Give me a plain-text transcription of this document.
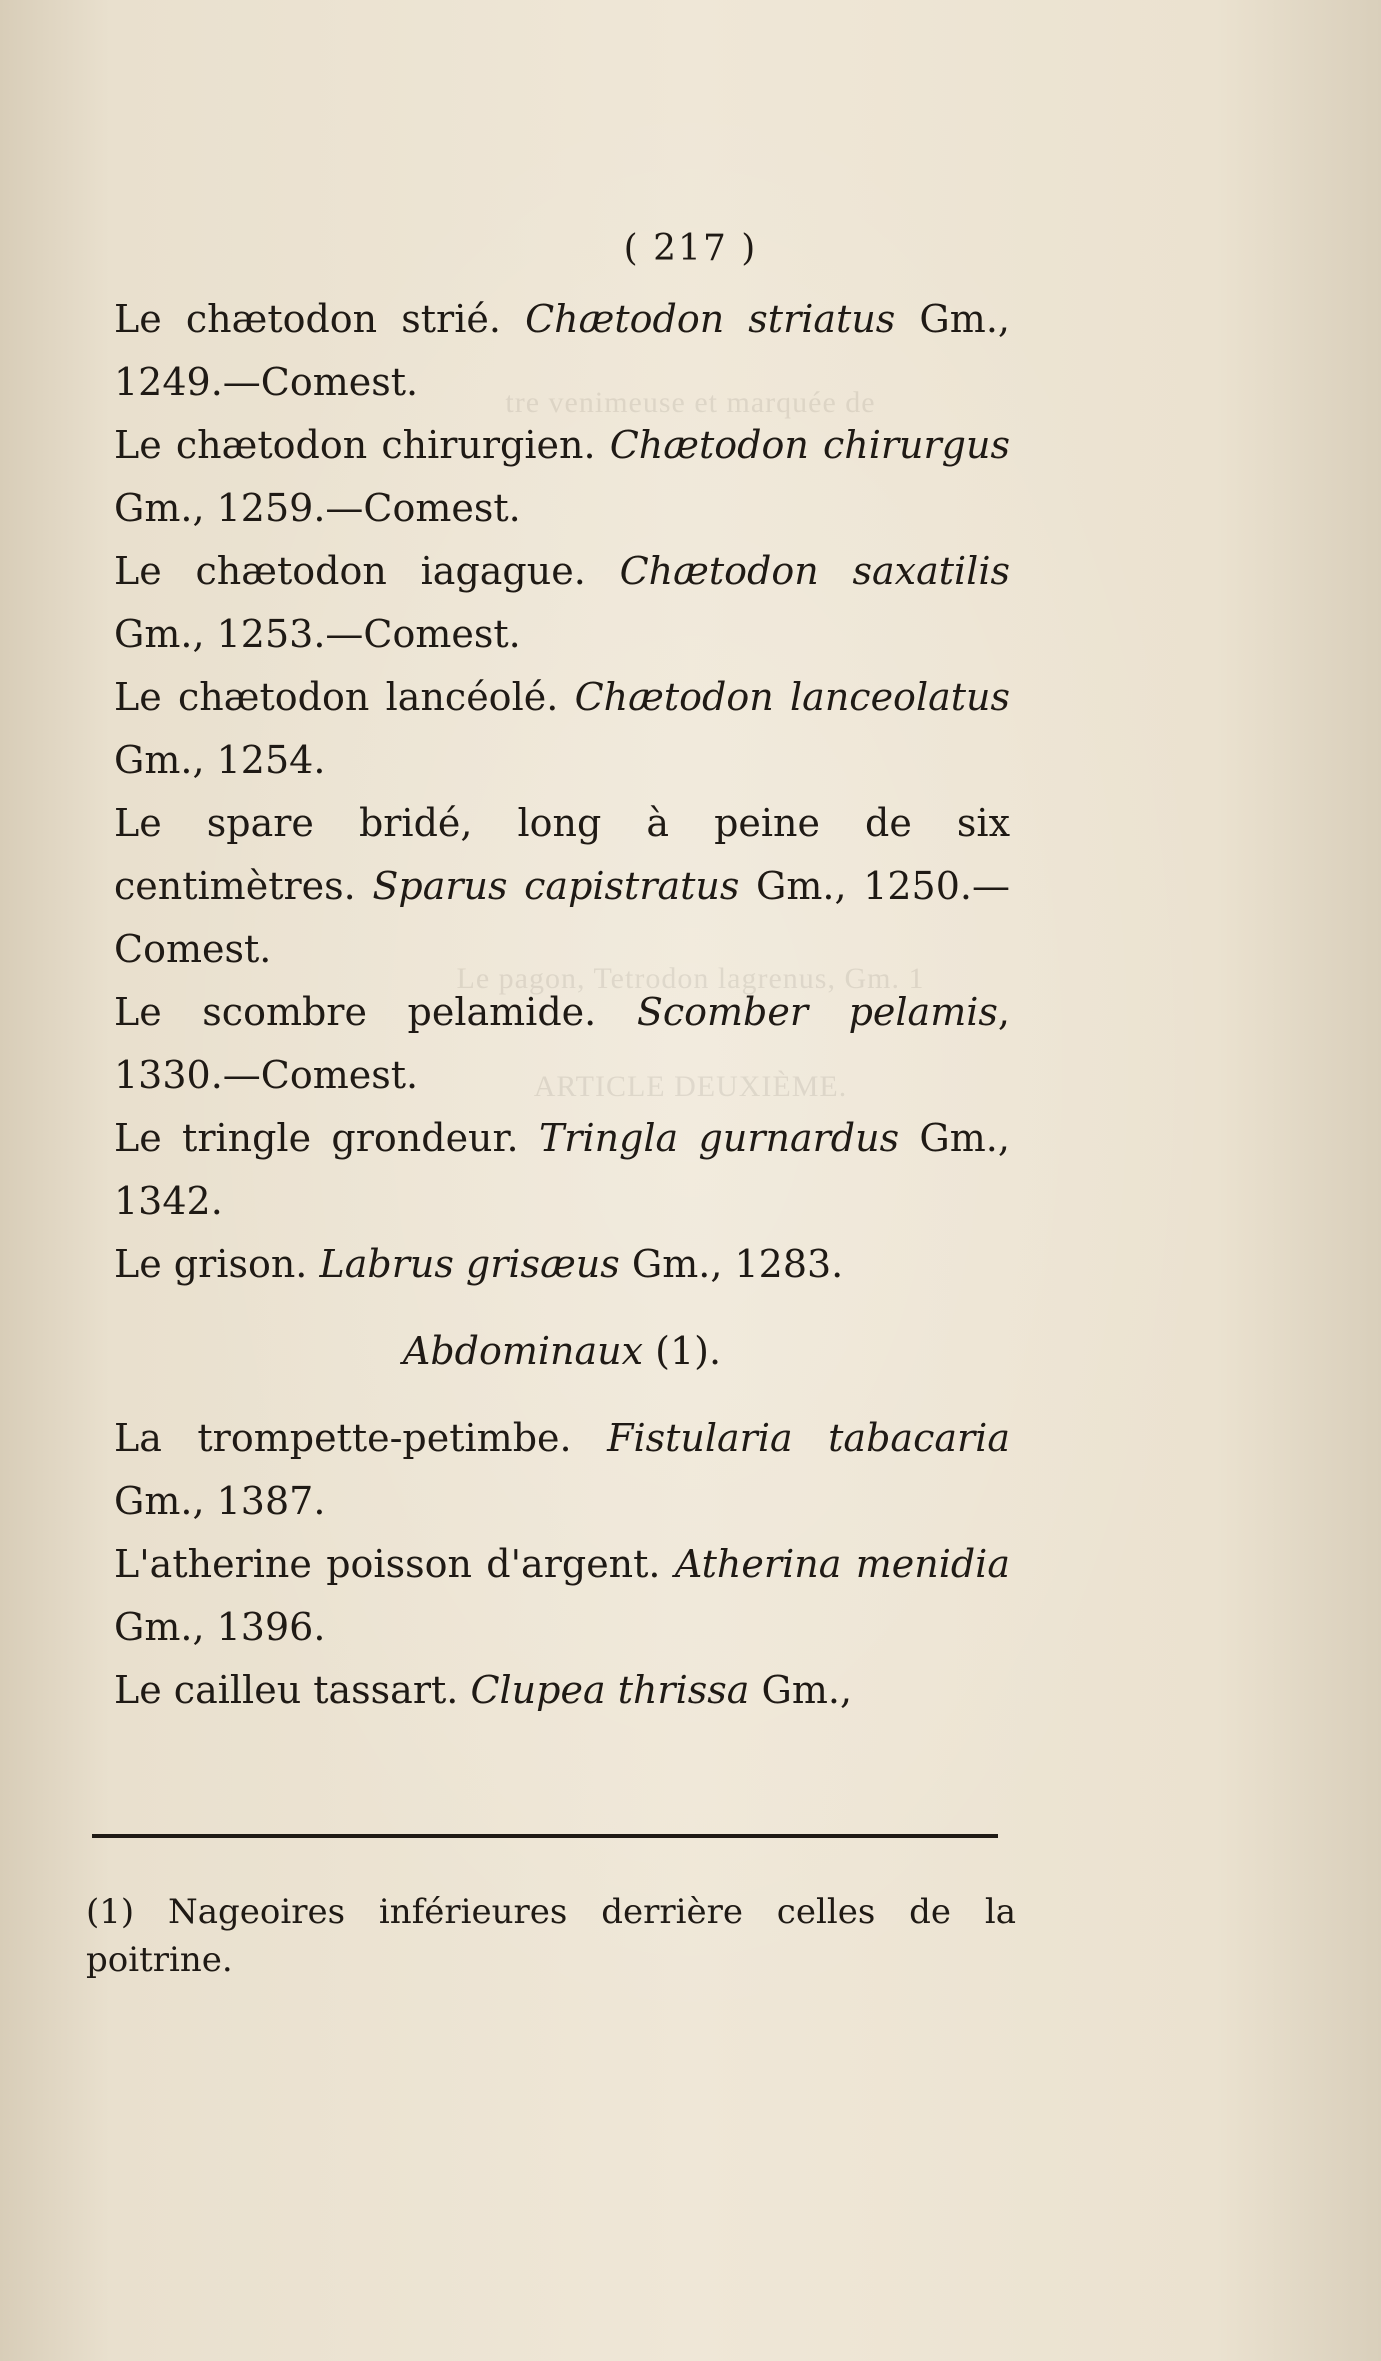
tre venimeuse et marquée de
Le pagon, Tetrodon lagrenus, Gm. 1
ARTICLE DEUXIÈME.
( 217 )

Le chætodon strié. Chætodon striatus Gm., 1249.—Comest.

Le chætodon chirurgien. Chætodon chirurgus Gm., 1259.—Comest.

Le chætodon iagague. Chætodon saxatilis Gm., 1253.—Comest.

Le chætodon lancéolé. Chætodon lanceolatus Gm., 1254.

Le spare bridé, long à peine de six centimètres. Sparus capistratus Gm., 1250.—Comest.

Le scombre pelamide. Scomber pelamis, 1330.—Comest.

Le tringle grondeur. Tringla gurnardus Gm., 1342.

Le grison. Labrus grisæus Gm., 1283.

Abdominaux (1).

La trompette-petimbe. Fistularia tabacaria Gm., 1387.

L'atherine poisson d'argent. Atherina menidia Gm., 1396.

Le cailleu tassart. Clupea thrissa Gm.,

(1) Nageoires inférieures derrière celles de la poitrine.
